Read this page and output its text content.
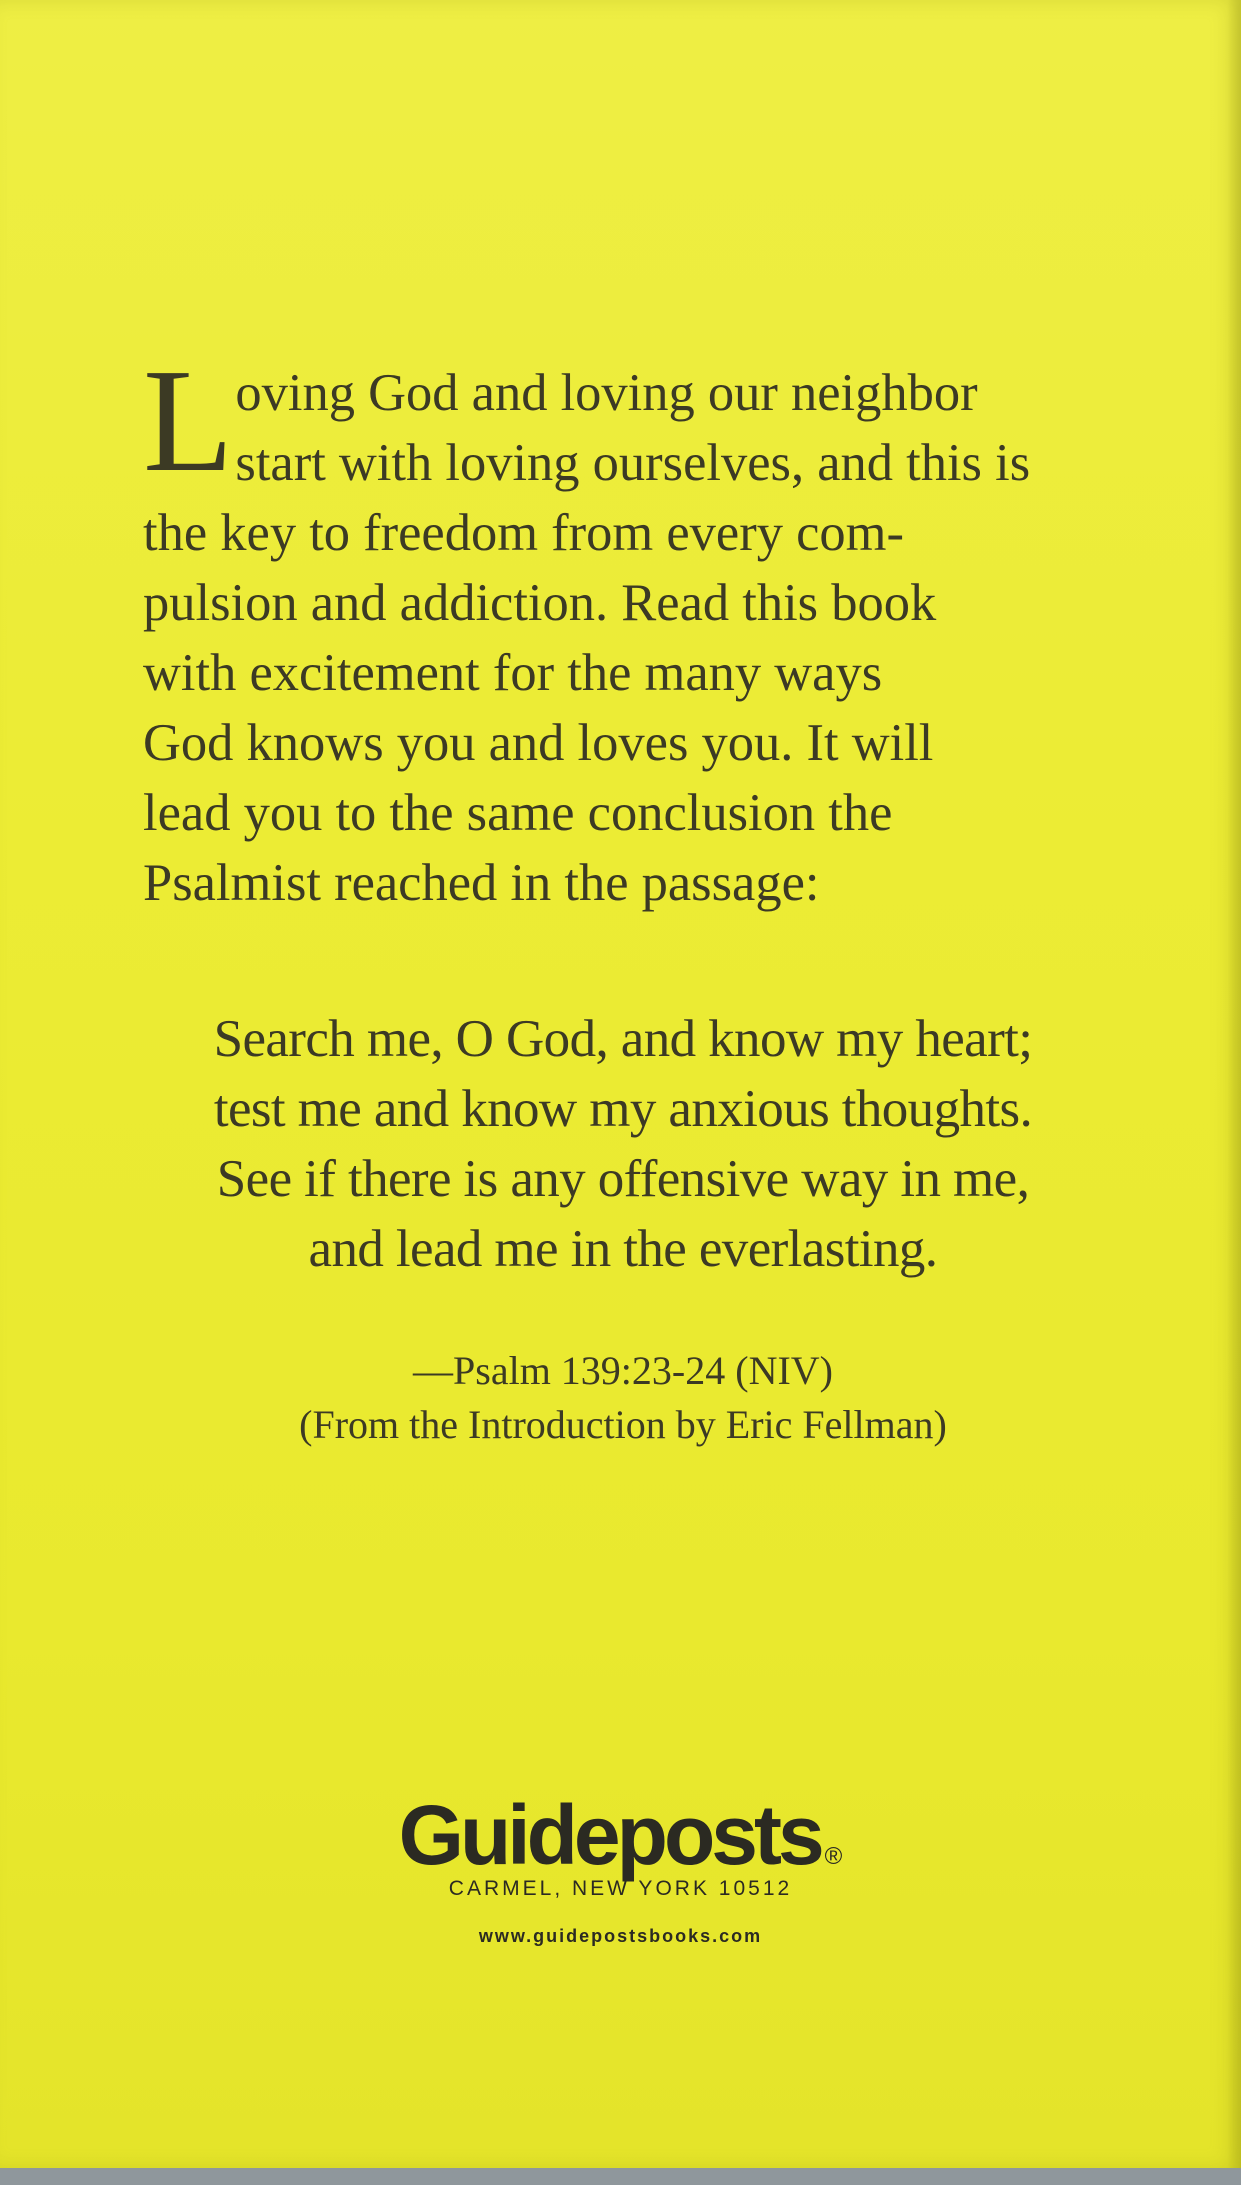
L oving God and loving our neighbor
start with loving ourselves, and this is
the key to freedom from every com-
pulsion and addiction. Read this book
with excitement for the many ways
God knows you and loves you. It will
lead you to the same conclusion the
Psalmist reached in the passage:
Search me, O God, and know my heart;
test me and know my anxious thoughts.
See if there is any offensive way in me,
and lead me in the everlasting.
—Psalm 139:23-24 (NIV)
(From the Introduction by Eric Fellman)
Guideposts ®
CARMEL, NEW YORK 10512
www.guidepostsbooks.com
